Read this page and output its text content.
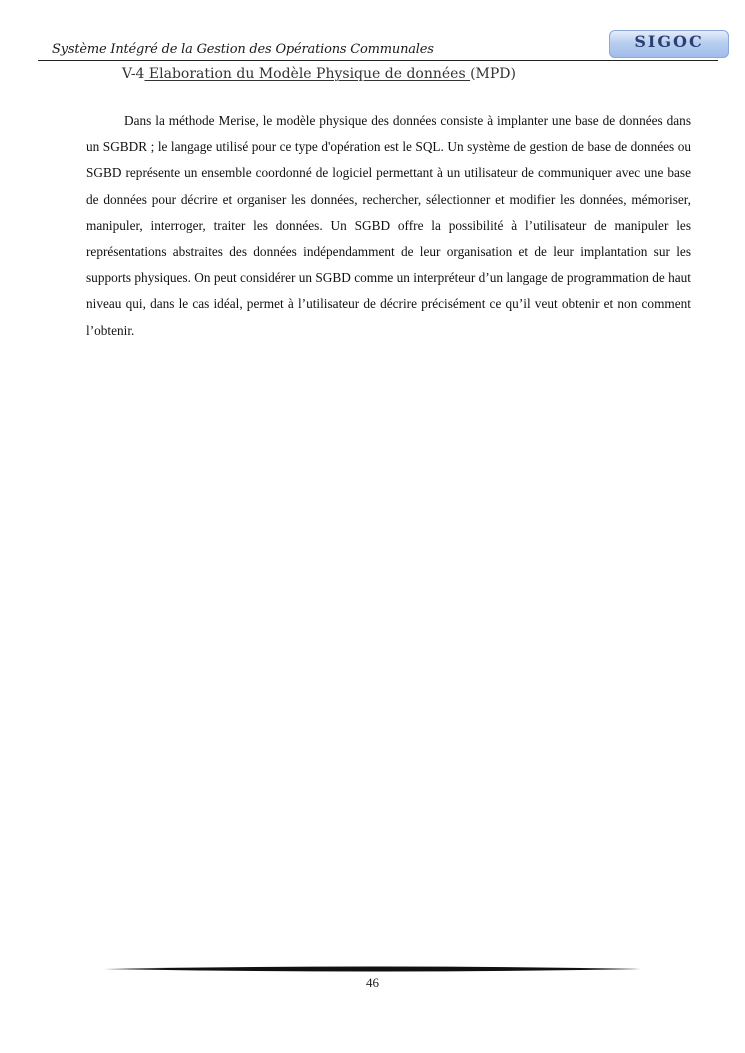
Système Intégré de la Gestion des Opérations Communales	SIGOC
V-4 Elaboration du Modèle Physique de données (MPD)

Dans la méthode Merise, le modèle physique des données consiste à implanter une base de données dans un SGBDR ; le langage utilisé pour ce type d'opération est le SQL. Un système de gestion de base de données ou SGBD représente un ensemble coordonné de logiciel permettant à un utilisateur de communiquer avec une base de données pour décrire et organiser les données, rechercher, sélectionner et modifier les données, mémoriser, manipuler, interroger, traiter les données. Un SGBD offre la possibilité à l’utilisateur de manipuler les représentations abstraites des données indépendamment de leur organisation et de leur implantation sur les supports physiques. On peut considérer un SGBD comme un interpréteur d’un langage de programmation de haut niveau qui, dans le cas idéal, permet à l’utilisateur de décrire précisément ce qu’il veut obtenir et non comment l’obtenir.

46
